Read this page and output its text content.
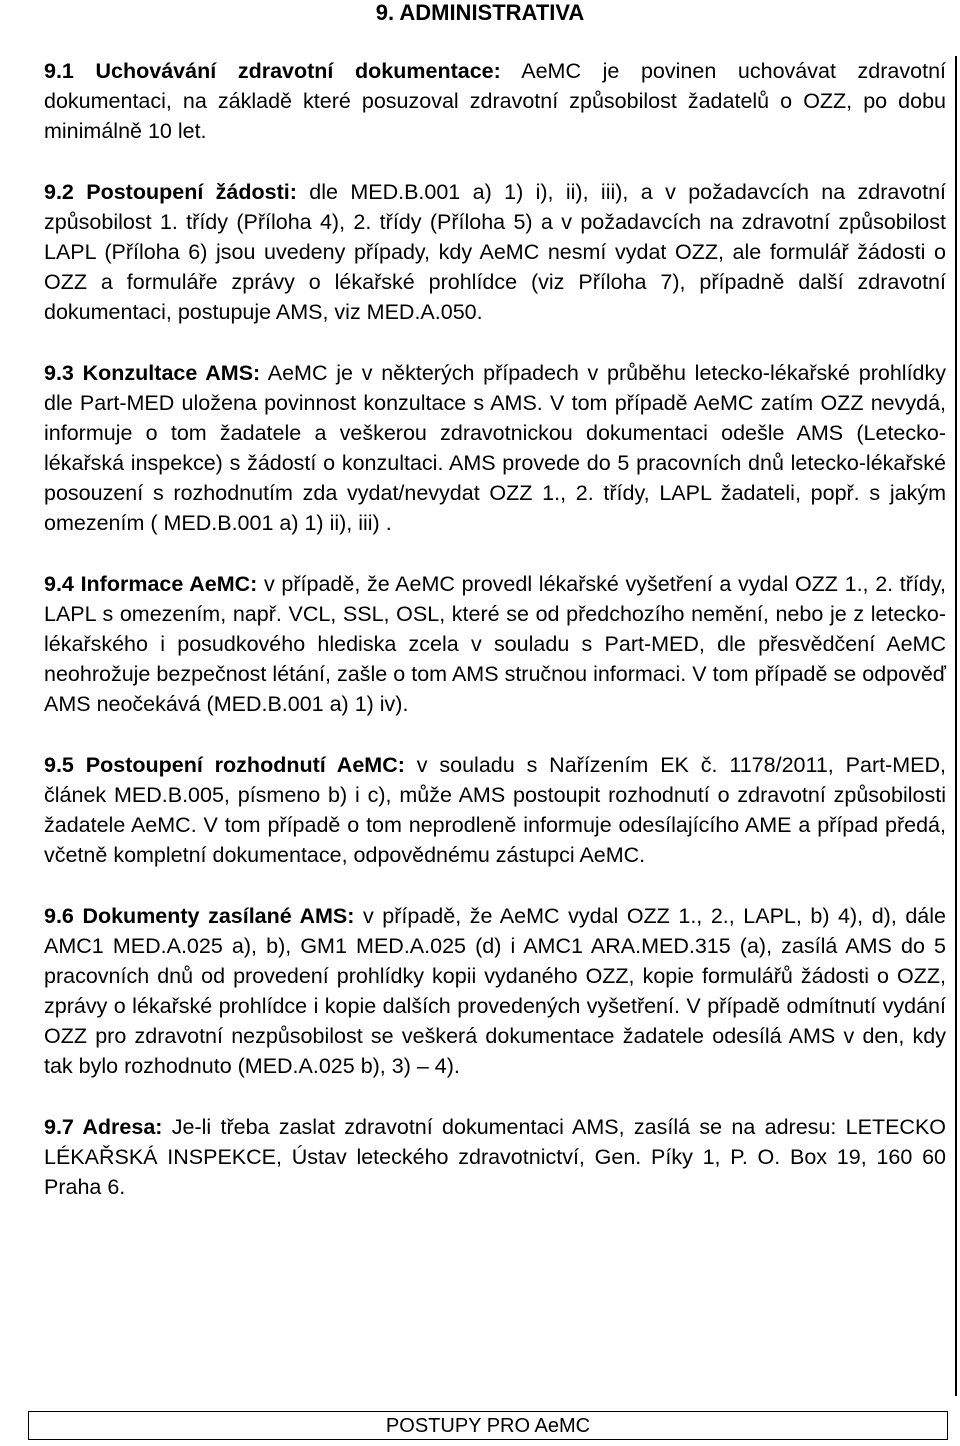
9. ADMINISTRATIVA

9.1 Uchovávání zdravotní dokumentace: AeMC je povinen uchovávat zdravotní dokumentaci, na základě které posuzoval zdravotní způsobilost žadatelů o OZZ, po dobu minimálně 10 let.

9.2 Postoupení žádosti: dle MED.B.001 a) 1) i), ii), iii), a v požadavcích na zdravotní způsobilost 1. třídy (Příloha 4), 2. třídy (Příloha 5) a v požadavcích na zdravotní způsobilost LAPL (Příloha 6) jsou uvedeny případy, kdy AeMC nesmí vydat OZZ, ale formulář žádosti o OZZ a formuláře zprávy o lékařské prohlídce (viz Příloha 7), případně další zdravotní dokumentaci, postupuje AMS, viz MED.A.050.

9.3 Konzultace AMS: AeMC je v některých případech v průběhu letecko-lékařské prohlídky dle Part-MED uložena povinnost konzultace s AMS. V tom případě AeMC zatím OZZ nevydá, informuje o tom žadatele a veškerou zdravotnickou dokumentaci odešle AMS (Letecko-lékařská inspekce) s žádostí o konzultaci. AMS provede do 5 pracovních dnů letecko-lékařské posouzení s rozhodnutím zda vydat/nevydat OZZ 1., 2. třídy, LAPL žadateli, popř. s jakým omezením ( MED.B.001 a) 1) ii), iii) .

9.4 Informace AeMC: v případě, že AeMC provedl lékařské vyšetření a vydal OZZ 1., 2. třídy, LAPL s omezením, např. VCL, SSL, OSL, které se od předchozího nemění, nebo je z letecko-lékařského i posudkového hlediska zcela v souladu s Part-MED, dle přesvědčení AeMC neohrožuje bezpečnost létání, zašle o tom AMS stručnou informaci. V tom případě se odpověď AMS neočekává (MED.B.001 a) 1) iv).

9.5 Postoupení rozhodnutí AeMC: v souladu s Nařízením EK č. 1178/2011, Part-MED, článek MED.B.005, písmeno b) i c), může AMS postoupit rozhodnutí o zdravotní způsobilosti žadatele AeMC. V tom případě o tom neprodleně informuje odesílajícího AME a případ předá, včetně kompletní dokumentace, odpovědnému zástupci AeMC.

9.6 Dokumenty zasílané AMS: v případě, že AeMC vydal OZZ 1., 2., LAPL, b) 4), d), dále AMC1 MED.A.025 a), b), GM1 MED.A.025 (d) i AMC1 ARA.MED.315 (a), zasílá AMS do 5 pracovních dnů od provedení prohlídky kopii vydaného OZZ, kopie formulářů žádosti o OZZ, zprávy o lékařské prohlídce i kopie dalších provedených vyšetření. V případě odmítnutí vydání OZZ pro zdravotní nezpůsobilost se veškerá dokumentace žadatele odesílá AMS v den, kdy tak bylo rozhodnuto (MED.A.025 b), 3) – 4).

9.7 Adresa: Je-li třeba zaslat zdravotní dokumentaci AMS, zasílá se na adresu: LETECKO LÉKAŘSKÁ INSPEKCE, Ústav leteckého zdravotnictví, Gen. Píky 1, P. O. Box 19, 160 60 Praha 6.

POSTUPY PRO AeMC
